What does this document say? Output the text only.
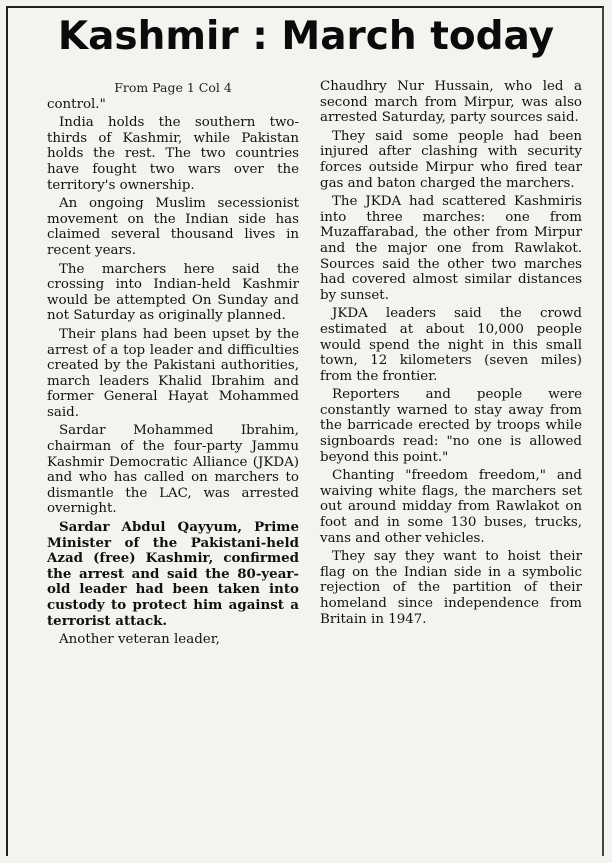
Kashmir : March today
From Page 1 Col 4

control."

India holds the southern two-thirds of Kashmir, while Pakistan holds the rest. The two countries have fought two wars over the territory's ownership.

An ongoing Muslim secessionist movement on the Indian side has claimed several thousand lives in recent years.

The marchers here said the crossing into Indian-held Kashmir would be attempted On Sunday and not Saturday as originally planned.

Their plans had been upset by the arrest of a top leader and difficulties created by the Pakistani authorities, march leaders Khalid Ibrahim and former General Hayat Mohammed said.

Sardar Mohammed Ibrahim, chairman of the four-party Jammu Kashmir Democratic Alliance (JKDA) and who has called on marchers to dismantle the LAC, was arrested overnight.

Sardar Abdul Qayyum, Prime Minister of the Pakistani-held Azad (free) Kashmir, confirmed the arrest and said the 80-year-old leader had been taken into custody to protect him against a terrorist attack.

Another veteran leader,

Chaudhry Nur Hussain, who led a second march from Mirpur, was also arrested Saturday, party sources said.

They said some people had been injured after clashing with security forces outside Mirpur who fired tear gas and baton charged the marchers.

The JKDA had scattered Kashmiris into three marches: one from Muzaffarabad, the other from Mirpur and the major one from Rawlakot. Sources said the other two marches had covered almost similar distances by sunset.

JKDA leaders said the crowd estimated at about 10,000 people would spend the night in this small town, 12 kilometers (seven miles) from the frontier.

Reporters and people were constantly warned to stay away from the barricade erected by troops while signboards read: "no one is allowed beyond this point."

Chanting "freedom freedom," and waiving white flags, the marchers set out around midday from Rawlakot on foot and in some 130 buses, trucks, vans and other vehicles.

They say they want to hoist their flag on the Indian side in a symbolic rejection of the partition of their homeland since independence from Britain in 1947.
